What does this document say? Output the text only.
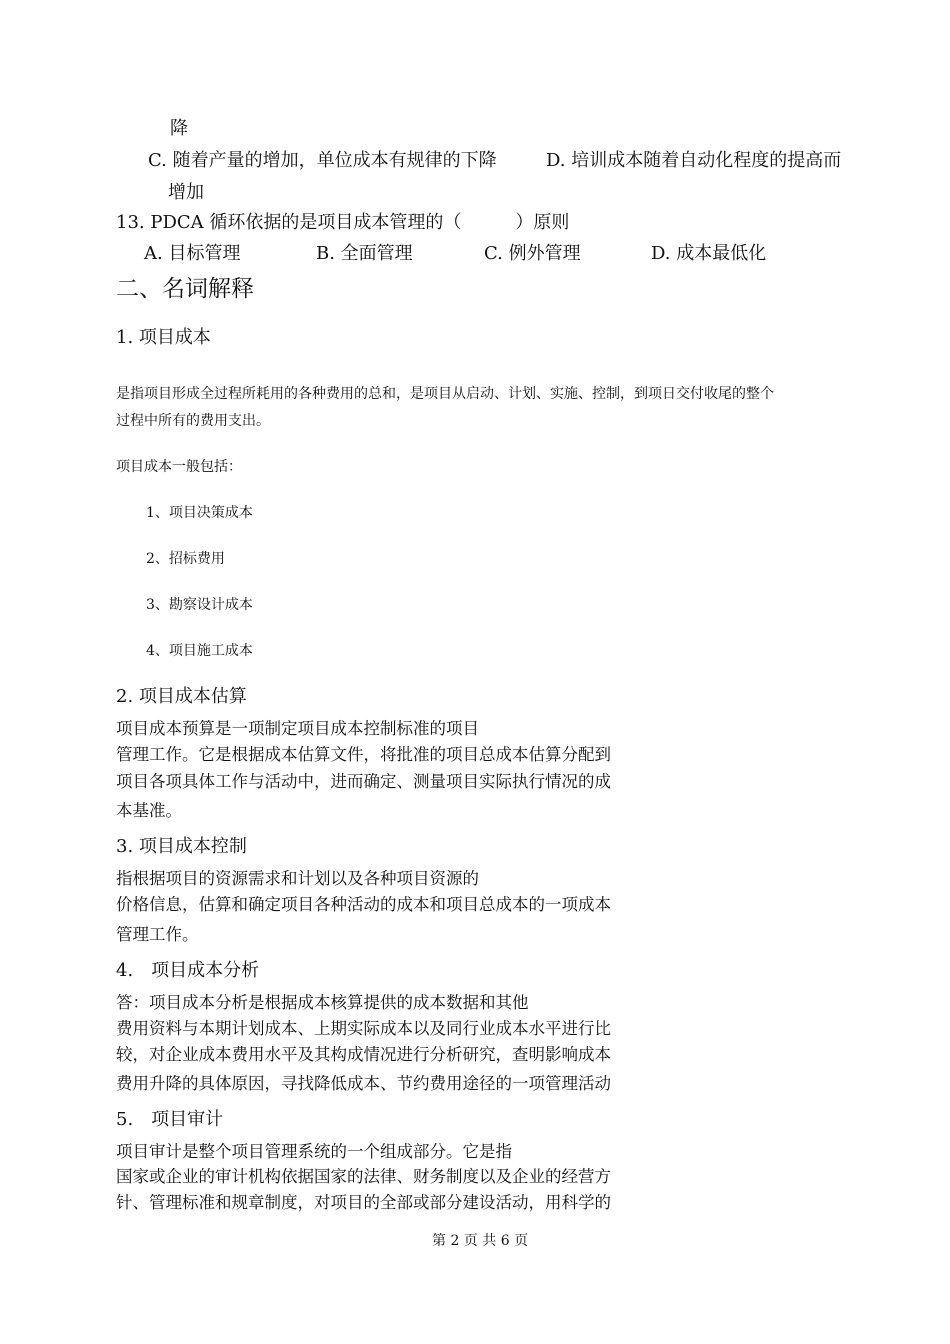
降
C. 随着产量的增加，单位成本有规律的下降	D. 培训成本随着自动化程度的提高而
增加
13. PDCA 循环依据的是项目成本管理的（　　　）原则
A. 目标管理	B. 全面管理	C. 例外管理	D. 成本最低化
二、名词解释
1. 项目成本
是指项目形成全过程所耗用的各种费用的总和，是项目从启动、计划、实施、控制，到项日交付收尾的整个
过程中所有的费用支出。
项目成本一般包括：
1、项目决策成本
2、招标费用
3、勘察设计成本
4、项目施工成本
2. 项目成本估算
项目成本预算是一项制定项目成本控制标准的项目
管理工作。它是根据成本估算文件，将批准的项目总成本估算分配到
项目各项具体工作与活动中，进而确定、测量项目实际执行情况的成
本基准。
3. 项目成本控制
指根据项目的资源需求和计划以及各种项目资源的
价格信息，估算和确定项目各种活动的成本和项目总成本的一项成本
管理工作。
4.　项目成本分析
答：项目成本分析是根据成本核算提供的成本数据和其他
费用资料与本期计划成本、上期实际成本以及同行业成本水平进行比
较，对企业成本费用水平及其构成情况进行分析研究，查明影响成本
费用升降的具体原因，寻找降低成本、节约费用途径的一项管理活动
5.　项目审计
项目审计是整个项目管理系统的一个组成部分。它是指
国家或企业的审计机构依据国家的法律、财务制度以及企业的经营方
针、管理标准和规章制度，对项目的全部或部分建设活动，用科学的
第 2 页 共 6 页
